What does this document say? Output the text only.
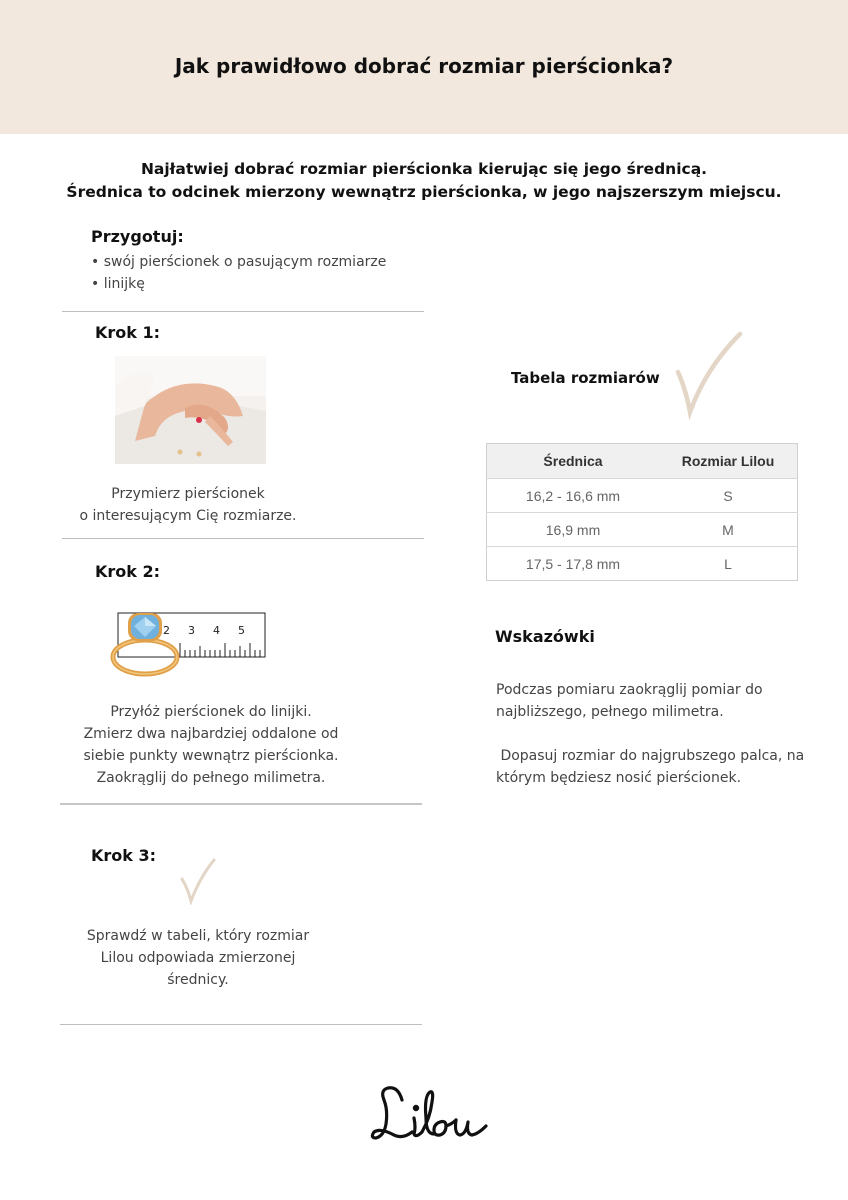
Jak prawidłowo dobrać rozmiar pierścionka?
Najłatwiej dobrać rozmiar pierścionka kierując się jego średnicą.
Średnica to odcinek mierzony wewnątrz pierścionka, w jego najszerszym miejscu.
Przygotuj:
• swój pierścionek o pasującym rozmiarze
• linijkę
Krok 1:
Przymierz pierścionek
o interesującym Cię rozmiarze.
Krok 2:
2 3 4 5
Przyłóż pierścionek do linijki.
Zmierz dwa najbardziej oddalone od
siebie punkty wewnątrz pierścionka.
Zaokrąglij do pełnego milimetra.
Krok 3:
Sprawdź w tabeli, który rozmiar
Lilou odpowiada zmierzonej
średnicy.
Tabela rozmiarów
Średnica	Rozmiar Lilou
16,2 - 16,6 mm	S
16,9 mm	M
17,5 - 17,8 mm	L
Wskazówki
Podczas pomiaru zaokrąglij pomiar do
najbliższego, pełnego milimetra.
Dopasuj rozmiar do najgrubszego palca, na
którym będziesz nosić pierścionek.
